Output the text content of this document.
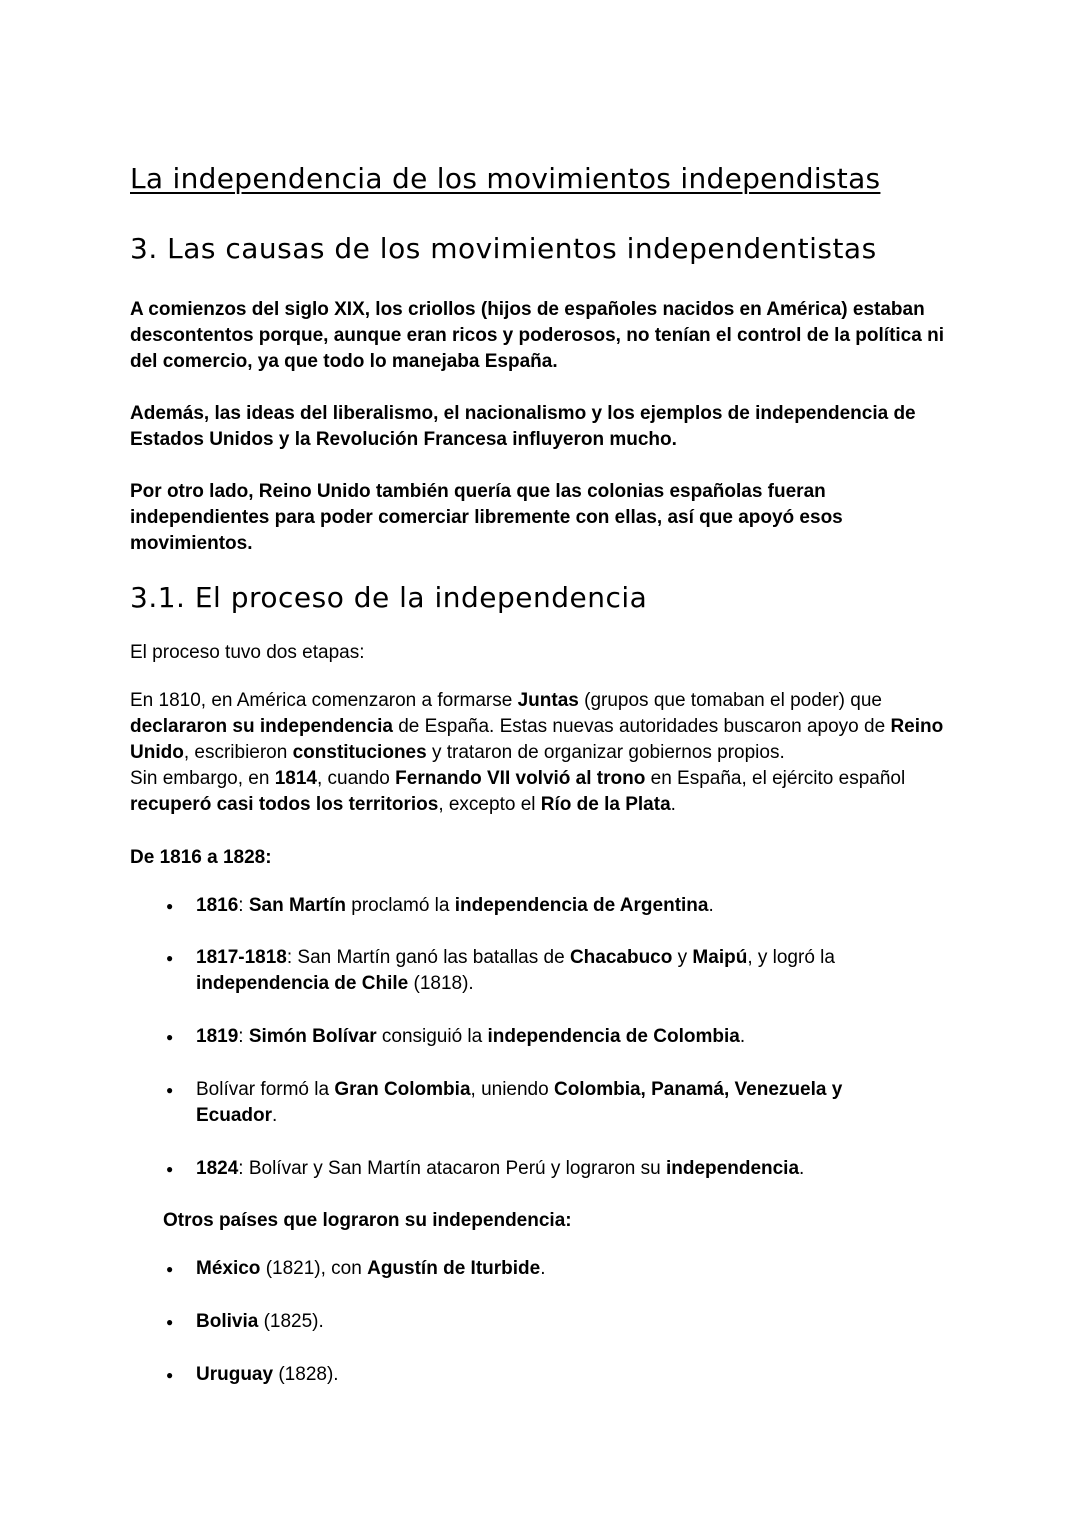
La independencia de los movimientos independistas
3. Las causas de los movimientos independentistas
A comienzos del siglo XIX, los criollos (hijos de españoles nacidos en América) estaban descontentos porque, aunque eran ricos y poderosos, no tenían el control de la política ni del comercio, ya que todo lo manejaba España.
Además, las ideas del liberalismo, el nacionalismo y los ejemplos de independencia de Estados Unidos y la Revolución Francesa influyeron mucho.
Por otro lado, Reino Unido también quería que las colonias españolas fueran independientes para poder comerciar libremente con ellas, así que apoyó esos movimientos.
3.1. El proceso de la independencia
El proceso tuvo dos etapas:
En 1810, en América comenzaron a formarse Juntas (grupos que tomaban el poder) que declararon su independencia de España. Estas nuevas autoridades buscaron apoyo de Reino Unido, escribieron constituciones y trataron de organizar gobiernos propios.
Sin embargo, en 1814, cuando Fernando VII volvió al trono en España, el ejército español recuperó casi todos los territorios, excepto el Río de la Plata.
De 1816 a 1828:
● 1816: San Martín proclamó la independencia de Argentina.
● 1817-1818: San Martín ganó las batallas de Chacabuco y Maipú, y logró la independencia de Chile (1818).
● 1819: Simón Bolívar consiguió la independencia de Colombia.
● Bolívar formó la Gran Colombia, uniendo Colombia, Panamá, Venezuela y Ecuador.
● 1824: Bolívar y San Martín atacaron Perú y lograron su independencia.
Otros países que lograron su independencia:
● México (1821), con Agustín de Iturbide.
● Bolivia (1825).
● Uruguay (1828).
